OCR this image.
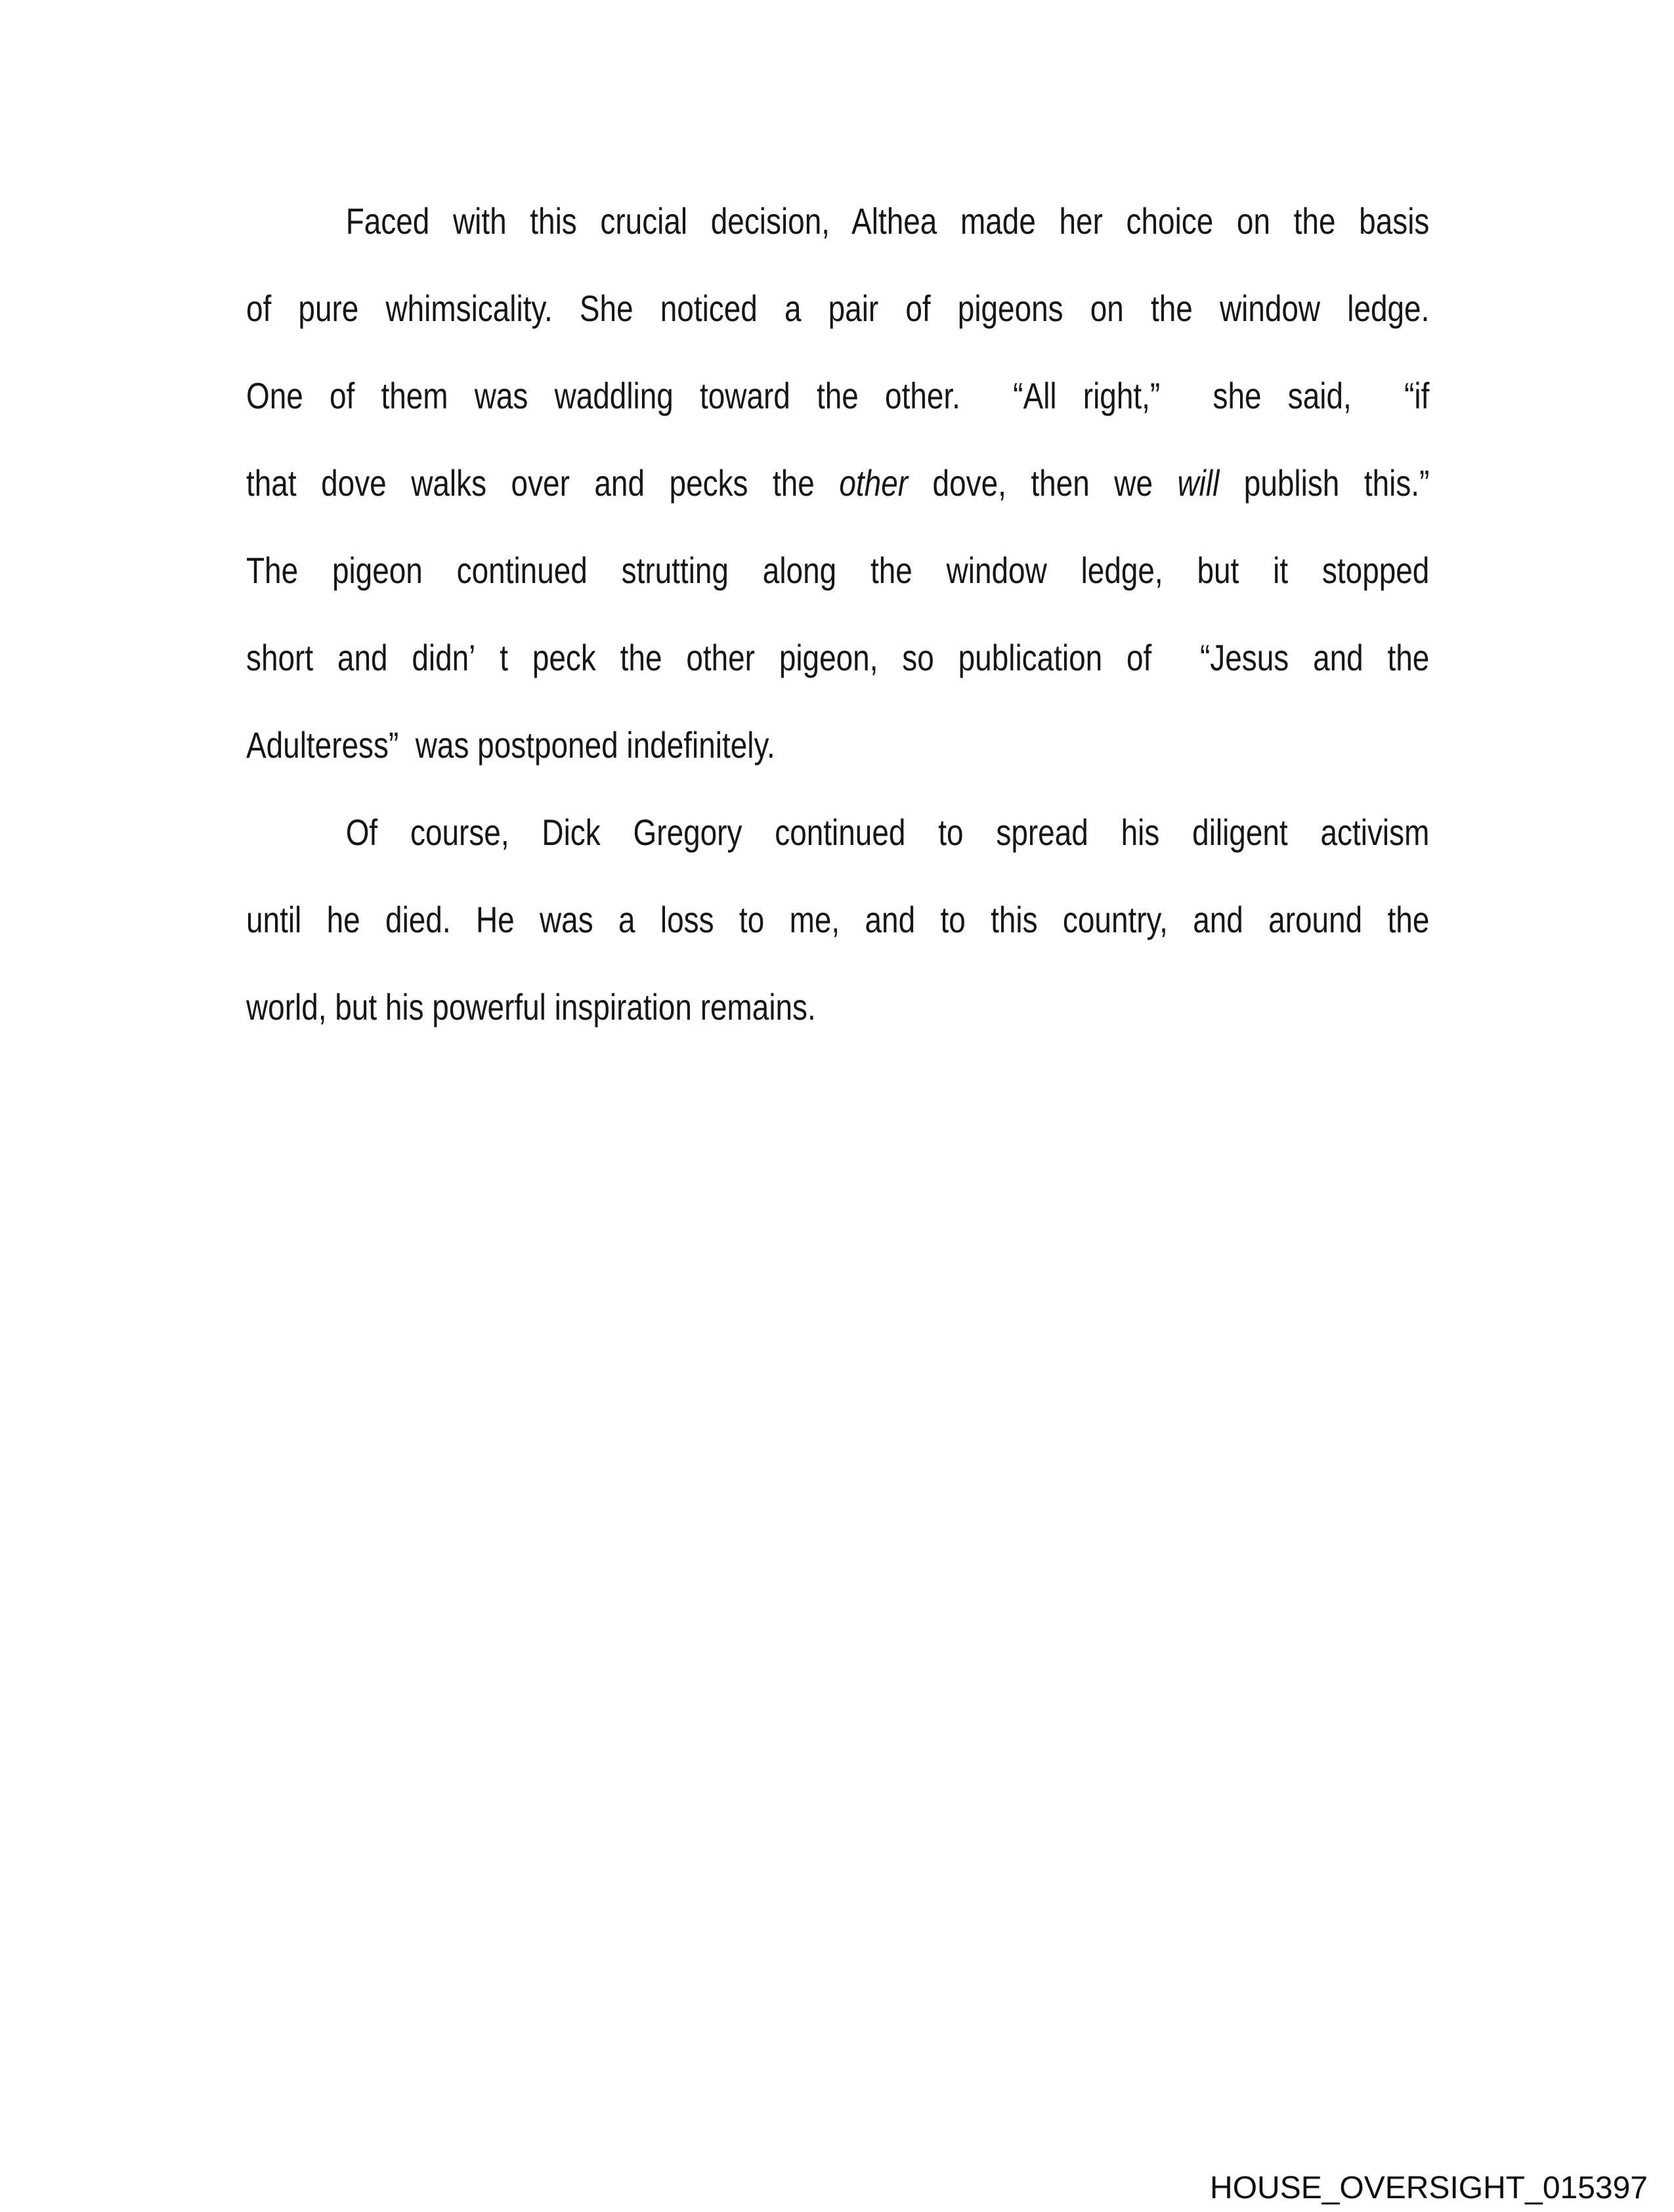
Faced with this crucial decision, Althea made her choice on the basis

of pure whimsicality. She noticed a pair of pigeons on the window ledge.

One of them was waddling toward the other.  “All right,”  she said,  “if

that dove walks over and pecks the other dove, then we will publish this.”

The pigeon continued strutting along the window ledge, but it stopped

short and didn’ t peck the other pigeon, so publication of  “Jesus and the

Adulteress”  was postponed indefinitely.

Of course, Dick Gregory continued to spread his diligent activism

until he died. He was a loss to me, and to this country, and around the

world, but his powerful inspiration remains.

HOUSE_OVERSIGHT_015397
